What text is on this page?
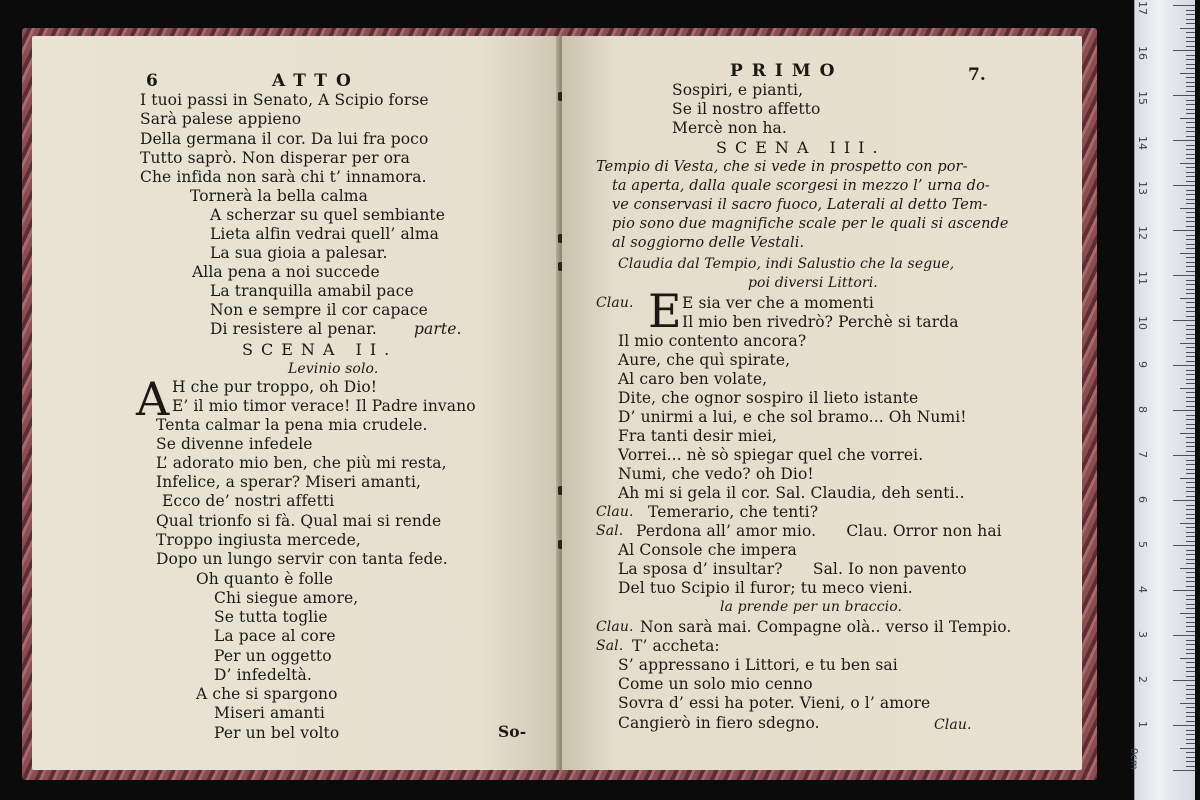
6	ATTO
I tuoi passi in Senato, A Scipio forse
Sarà palese appieno
Della germana il cor. Da lui fra poco
Tutto saprò. Non disperar per ora
Che infida non sarà chi t’ innamora.
Tornerà la bella calma
A scherzar su quel sembiante
Lieta alfin vedrai quell’ alma
La sua gioia a palesar.
Alla pena a noi succede
La tranquilla amabil pace
Non e sempre il cor capace
Di resistere al penar. parte.
SCENA II.
Levinio solo.
A H che pur troppo, oh Dio!
E’ il mio timor verace! Il Padre invano
Tenta calmar la pena mia crudele.
Se divenne infedele
L’ adorato mio ben, che più mi resta,
Infelice, a sperar? Miseri amanti,
Ecco de’ nostri affetti
Qual trionfo si fà. Qual mai si rende
Troppo ingiusta mercede,
Dopo un lungo servir con tanta fede.
Oh quanto è folle
Chi siegue amore,
Se tutta toglie
La pace al core
Per un oggetto
D’ infedeltà.
A che si spargono
Miseri amanti
Per un bel volto	So-
PRIMO	7.
Sospiri, e pianti,
Se il nostro affetto
Mercè non ha.
SCENA III.
Tempio di Vesta, che si vede in prospetto con por-
ta aperta, dalla quale scorgesi in mezzo l’ urna do-
ve conservasi il sacro fuoco, Laterali al detto Tem-
pio sono due magnifiche scale per le quali si ascende
al soggiorno delle Vestali.
Claudia dal Tempio, indi Salustio che la segue,
poi diversi Littori.
Clau. E E sia ver che a momenti
Il mio ben rivedrò? Perchè si tarda
Il mio contento ancora?
Aure, che quì spirate,
Al caro ben volate,
Dite, che ognor sospiro il lieto istante
D’ unirmi a lui, e che sol bramo... Oh Numi!
Fra tanti desir miei,
Vorrei... nè sò spiegar quel che vorrei.
Numi, che vedo? oh Dio!
Ah mi si gela il cor. Sal. Claudia, deh senti..
Clau. Temerario, che tenti?
Sal. Perdona all’ amor mio.      Clau. Orror non hai
Al Console che impera
La sposa d’ insultar?      Sal. Io non pavento
Del tuo Scipio il furor; tu meco vieni.
la prende per un braccio.
Clau. Non sarà mai. Compagne olà.. verso il Tempio.
Sal. T’ accheta:
S’ appressano i Littori, e tu ben sai
Come un solo mio cenno
Sovra d’ essi ha poter. Vieni, o l’ amore
Cangierò in fiero sdegno.	Clau.
0cm
1
2
3
4
5
6
7
8
9
10
11
12
13
14
15
16
17
